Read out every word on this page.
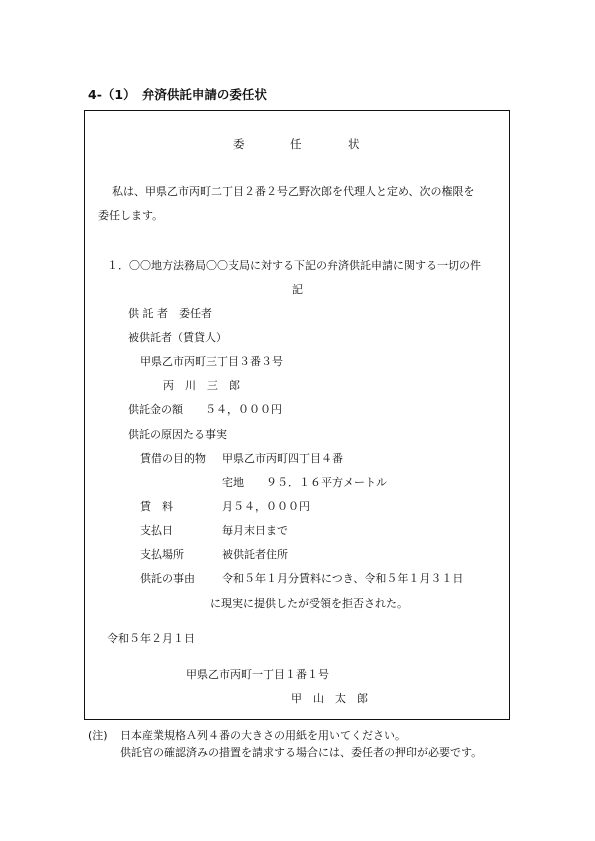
4-（1）　弁済供託申請の委任状
委	任	状
私は、甲県乙市丙町二丁目２番２号乙野次郎を代理人と定め、次の権限を
委任します。
１．〇〇地方法務局〇〇支局に対する下記の弁済供託申請に関する一切の件
記
供 託 者　委任者
被供託者（賃貸人）
甲県乙市丙町三丁目３番３号
丙　川　三　郎
供託金の額　　５４，０００円
供託の原因たる事実
賃借の目的物 甲県乙市丙町四丁目４番
宅地　　９５．１６平方メートル
賃　料	月５４，０００円
支払日	毎月末日まで
支払場所	被供託者住所
供託の事由 令和５年１月分賃料につき、令和５年１月３１日
に現実に提供したが受領を拒否された。
令和５年２月１日
甲県乙市丙町一丁目１番１号
甲　山　太　郎
(注) 日本産業規格Ａ列４番の大きさの用紙を用いてください。
供託官の確認済みの措置を請求する場合には、委任者の押印が必要です。
